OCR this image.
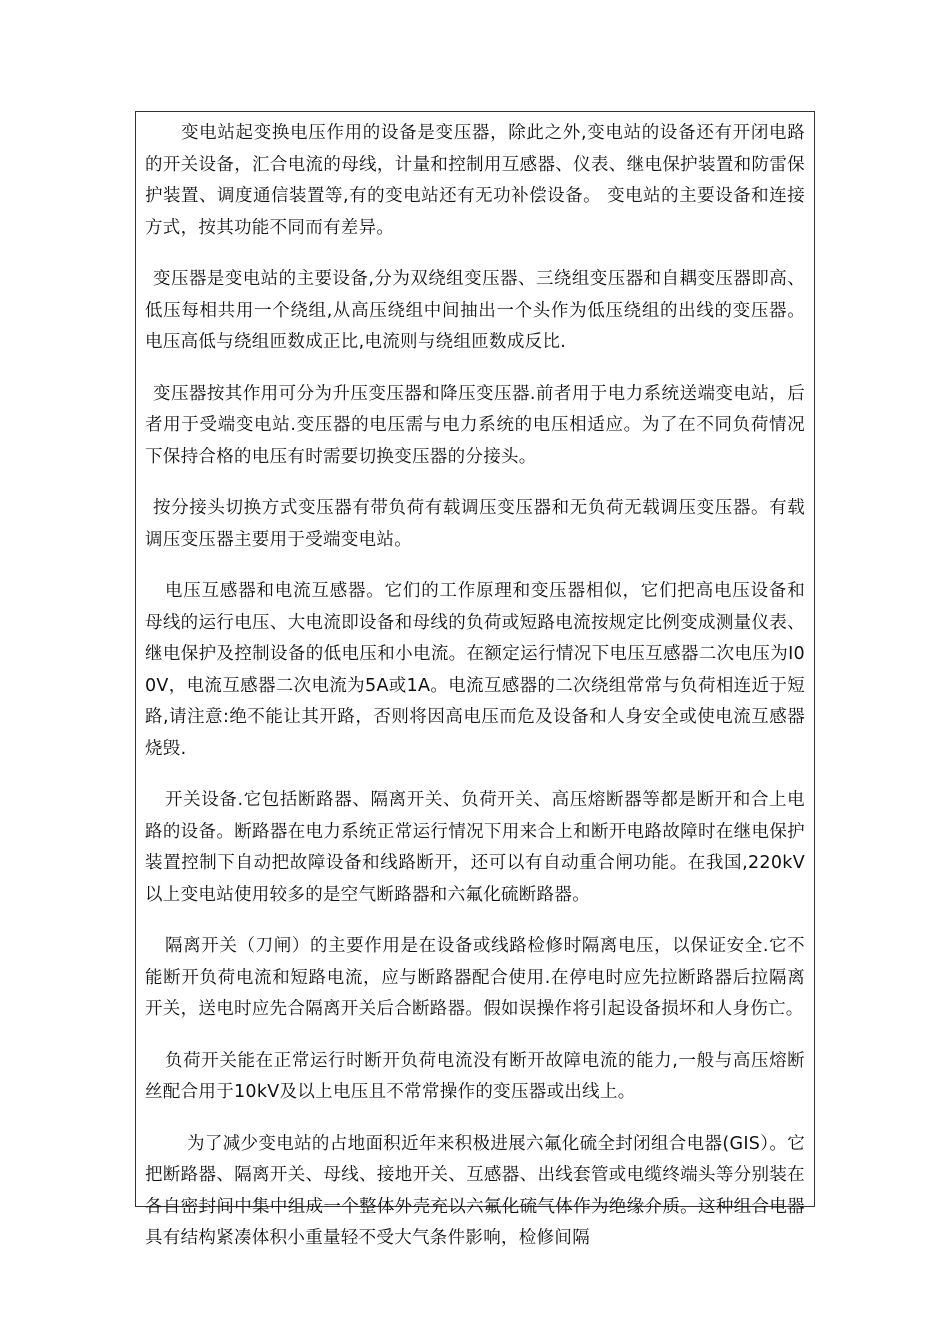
变电站起变换电压作用的设备是变压器，除此之外,变电站的设备还有开闭电路的开关设备，汇合电流的母线，计量和控制用互感器、仪表、继电保护装置和防雷保护装置、调度通信装置等,有的变电站还有无功补偿设备。 变电站的主要设备和连接方式，按其功能不同而有差异。

变压器是变电站的主要设备,分为双绕组变压器、三绕组变压器和自耦变压器即高、低压每相共用一个绕组,从高压绕组中间抽出一个头作为低压绕组的出线的变压器。电压高低与绕组匝数成正比,电流则与绕组匝数成反比.

变压器按其作用可分为升压变压器和降压变压器.前者用于电力系统送端变电站，后者用于受端变电站.变压器的电压需与电力系统的电压相适应。为了在不同负荷情况下保持合格的电压有时需要切换变压器的分接头。

按分接头切换方式变压器有带负荷有载调压变压器和无负荷无载调压变压器。有载调压变压器主要用于受端变电站。

电压互感器和电流互感器。它们的工作原理和变压器相似，它们把高电压设备和母线的运行电压、大电流即设备和母线的负荷或短路电流按规定比例变成测量仪表、继电保护及控制设备的低电压和小电流。在额定运行情况下电压互感器二次电压为I00V，电流互感器二次电流为5A或1A。电流互感器的二次绕组常常与负荷相连近于短路,请注意:绝不能让其开路，否则将因高电压而危及设备和人身安全或使电流互感器烧毁.

开关设备.它包括断路器、隔离开关、负荷开关、高压熔断器等都是断开和合上电路的设备。断路器在电力系统正常运行情况下用来合上和断开电路故障时在继电保护装置控制下自动把故障设备和线路断开，还可以有自动重合闸功能。在我国,220kV以上变电站使用较多的是空气断路器和六氟化硫断路器。

隔离开关（刀闸）的主要作用是在设备或线路检修时隔离电压，以保证安全.它不能断开负荷电流和短路电流，应与断路器配合使用.在停电时应先拉断路器后拉隔离开关，送电时应先合隔离开关后合断路器。假如误操作将引起设备损坏和人身伤亡。

负荷开关能在正常运行时断开负荷电流没有断开故障电流的能力,一般与高压熔断丝配合用于10kV及以上电压且不常常操作的变压器或出线上。

为了减少变电站的占地面积近年来积极进展六氟化硫全封闭组合电器(GIS）。它把断路器、隔离开关、母线、接地开关、互感器、出线套管或电缆终端头等分别装在各自密封间中集中组成一个整体外壳充以六氟化硫气体作为绝缘介质。这种组合电器具有结构紧凑体积小重量轻不受大气条件影响，检修间隔
